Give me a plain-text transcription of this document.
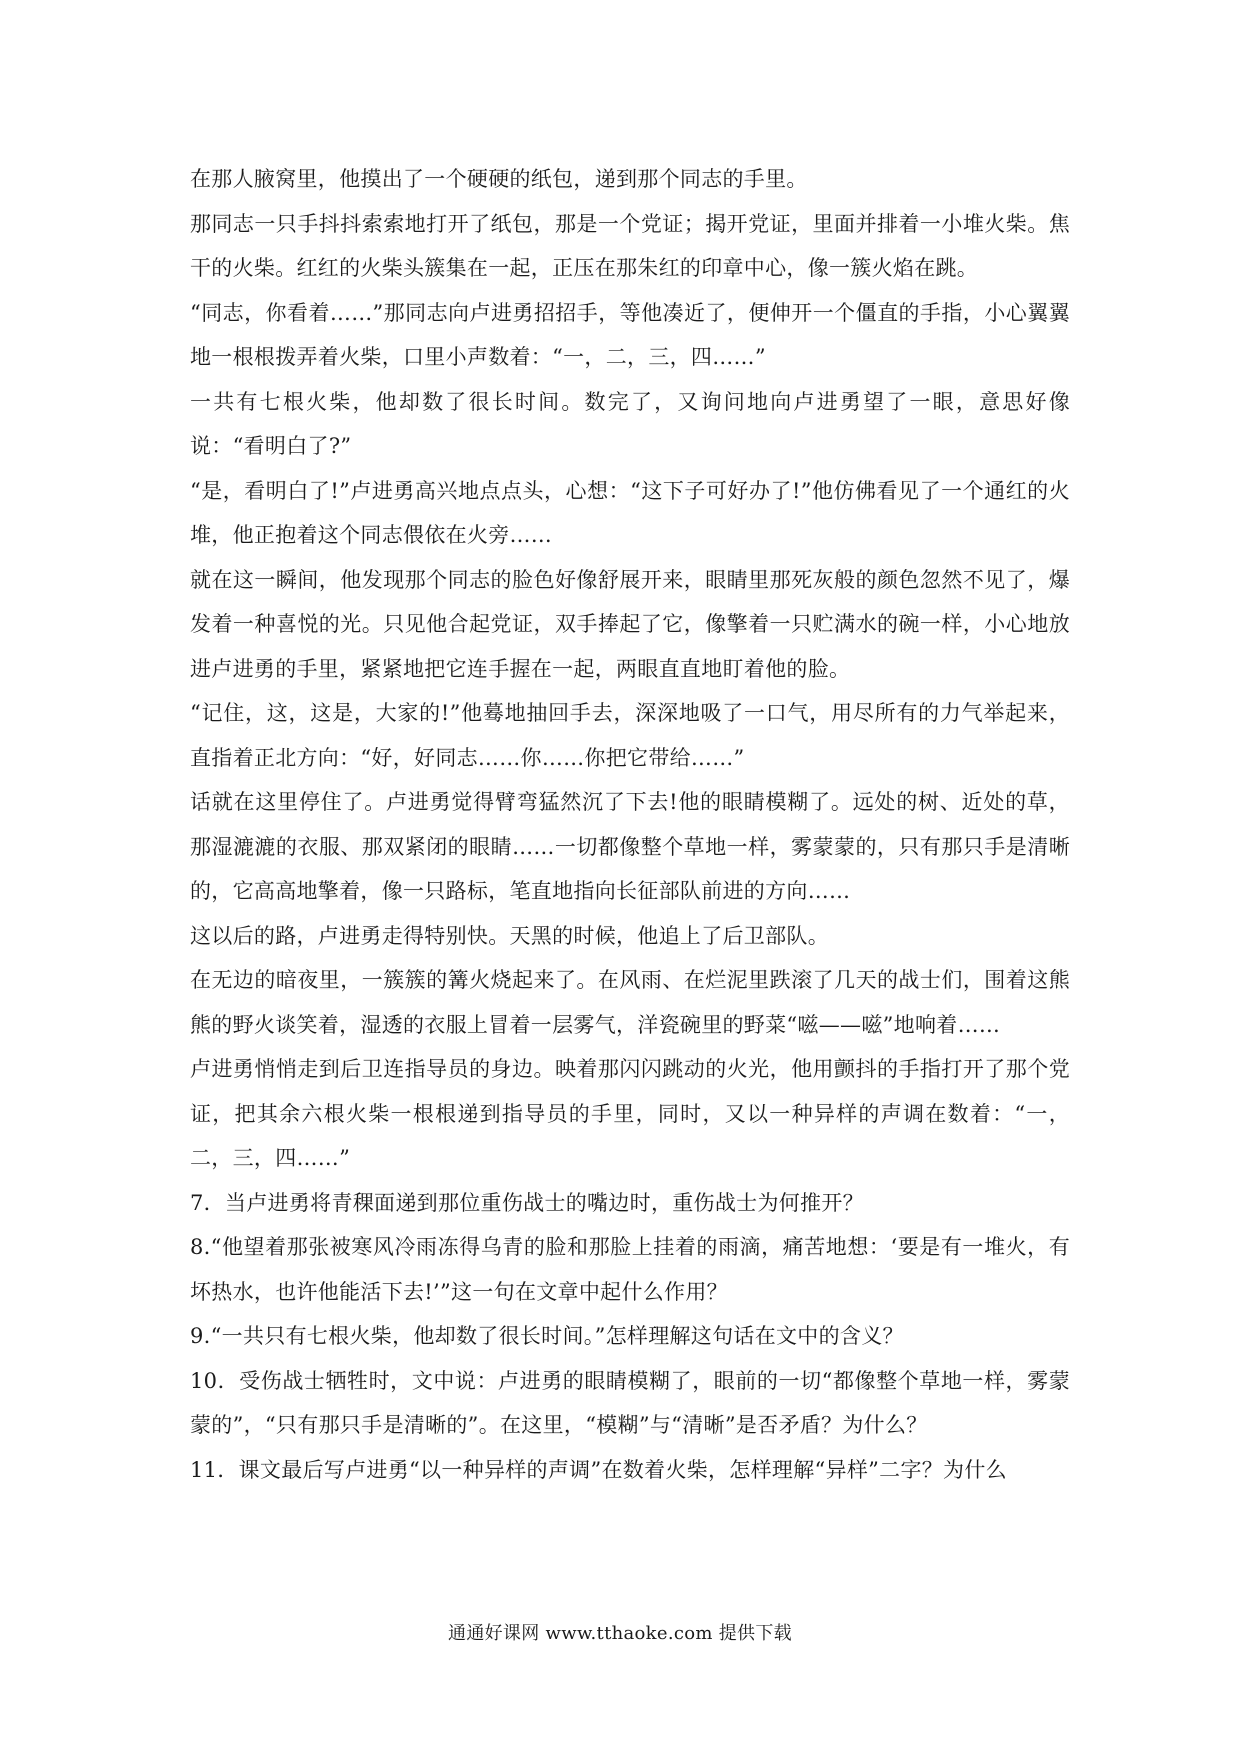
在那人腋窝里，他摸出了一个硬硬的纸包，递到那个同志的手里。

那同志一只手抖抖索索地打开了纸包，那是一个党证；揭开党证，里面并排着一小堆火柴。焦干的火柴。红红的火柴头簇集在一起，正压在那朱红的印章中心，像一簇火焰在跳。

“同志，你看着……”那同志向卢进勇招招手，等他凑近了，便伸开一个僵直的手指，小心翼翼地一根根拨弄着火柴，口里小声数着：“一，二，三，四……”

一共有七根火柴，他却数了很长时间。数完了，又询问地向卢进勇望了一眼，意思好像说：“看明白了?”

“是，看明白了!”卢进勇高兴地点点头，心想：“这下子可好办了!”他仿佛看见了一个通红的火堆，他正抱着这个同志偎依在火旁……

就在这一瞬间，他发现那个同志的脸色好像舒展开来，眼睛里那死灰般的颜色忽然不见了，爆发着一种喜悦的光。只见他合起党证，双手捧起了它，像擎着一只贮满水的碗一样，小心地放进卢进勇的手里，紧紧地把它连手握在一起，两眼直直地盯着他的脸。

“记住，这，这是，大家的!”他蓦地抽回手去，深深地吸了一口气，用尽所有的力气举起来，直指着正北方向：“好，好同志……你……你把它带给……”

话就在这里停住了。卢进勇觉得臂弯猛然沉了下去!他的眼睛模糊了。远处的树、近处的草，那湿漉漉的衣服、那双紧闭的眼睛……一切都像整个草地一样，雾蒙蒙的，只有那只手是清晰的，它高高地擎着，像一只路标，笔直地指向长征部队前进的方向……

这以后的路，卢进勇走得特别快。天黑的时候，他追上了后卫部队。

在无边的暗夜里，一簇簇的篝火烧起来了。在风雨、在烂泥里跌滚了几天的战士们，围着这熊熊的野火谈笑着，湿透的衣服上冒着一层雾气，洋瓷碗里的野菜“嗞——嗞”地响着……

卢进勇悄悄走到后卫连指导员的身边。映着那闪闪跳动的火光，他用颤抖的手指打开了那个党证，把其余六根火柴一根根递到指导员的手里，同时，又以一种异样的声调在数着：“一，二，三，四……”

7．当卢进勇将青稞面递到那位重伤战士的嘴边时，重伤战士为何推开？

8.“他望着那张被寒风冷雨冻得乌青的脸和那脸上挂着的雨滴，痛苦地想：‘要是有一堆火，有坏热水，也许他能活下去!’”这一句在文章中起什么作用？

9.“一共只有七根火柴，他却数了很长时间。”怎样理解这句话在文中的含义？

10．受伤战士牺牲时，文中说：卢进勇的眼睛模糊了，眼前的一切“都像整个草地一样，雾蒙蒙的”，“只有那只手是清晰的”。在这里，“模糊”与“清晰”是否矛盾？为什么？

11．课文最后写卢进勇“以一种异样的声调”在数着火柴，怎样理解“异样”二字？为什么

通通好课网 www.tthaoke.com 提供下载
